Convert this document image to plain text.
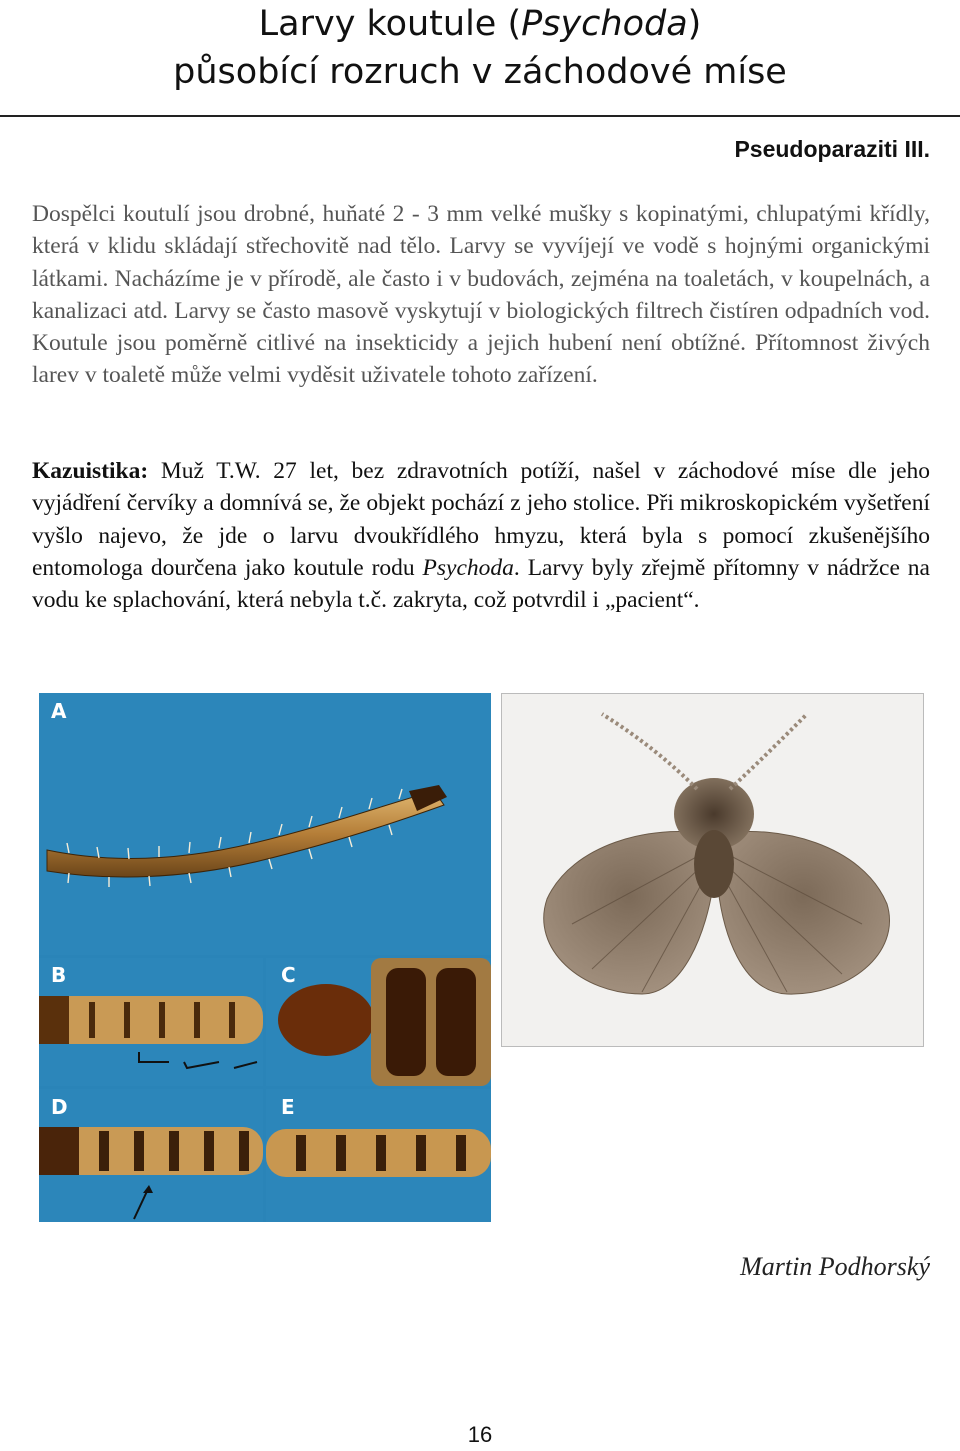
Larvy koutule (Psychoda)
působící rozruch v záchodové míse
Pseudoparaziti III.

Dospělci koutulí jsou drobné, huňaté 2 - 3 mm velké mušky s kopinatými, chlupatými křídly, která v klidu skládají střechovitě nad tělo. Larvy se vyvíjejí ve vodě s hojnými organickými látkami. Nacházíme je v přírodě, ale často i v budovách, zejména na toaletách, v koupelnách, a kanalizaci atd. Larvy se často masově vyskytují v biologických filtrech čistíren odpadních vod. Koutule jsou poměrně citlivé na insekticidy a jejich hubení není obtížné. Přítomnost živých larev v toaletě může velmi vyděsit uživatele tohoto zařízení.

Kazuistika: Muž T.W. 27 let, bez zdravotních potíží, našel v záchodové míse dle jeho vyjádření červíky a domnívá se, že objekt pochází z jeho stolice. Při mikroskopickém vyšetření vyšlo najevo, že jde o larvu dvoukřídlého hmyzu, která byla s pomocí zkušenějšího entomologa dourčena jako koutule rodu Psychoda. Larvy byly zřejmě přítomny v nádržce na vodu ke splachování, která nebyla t.č. zakryta, což potvrdil i „pacient“.

A
B	C
D	E
Martin Podhorský
16
